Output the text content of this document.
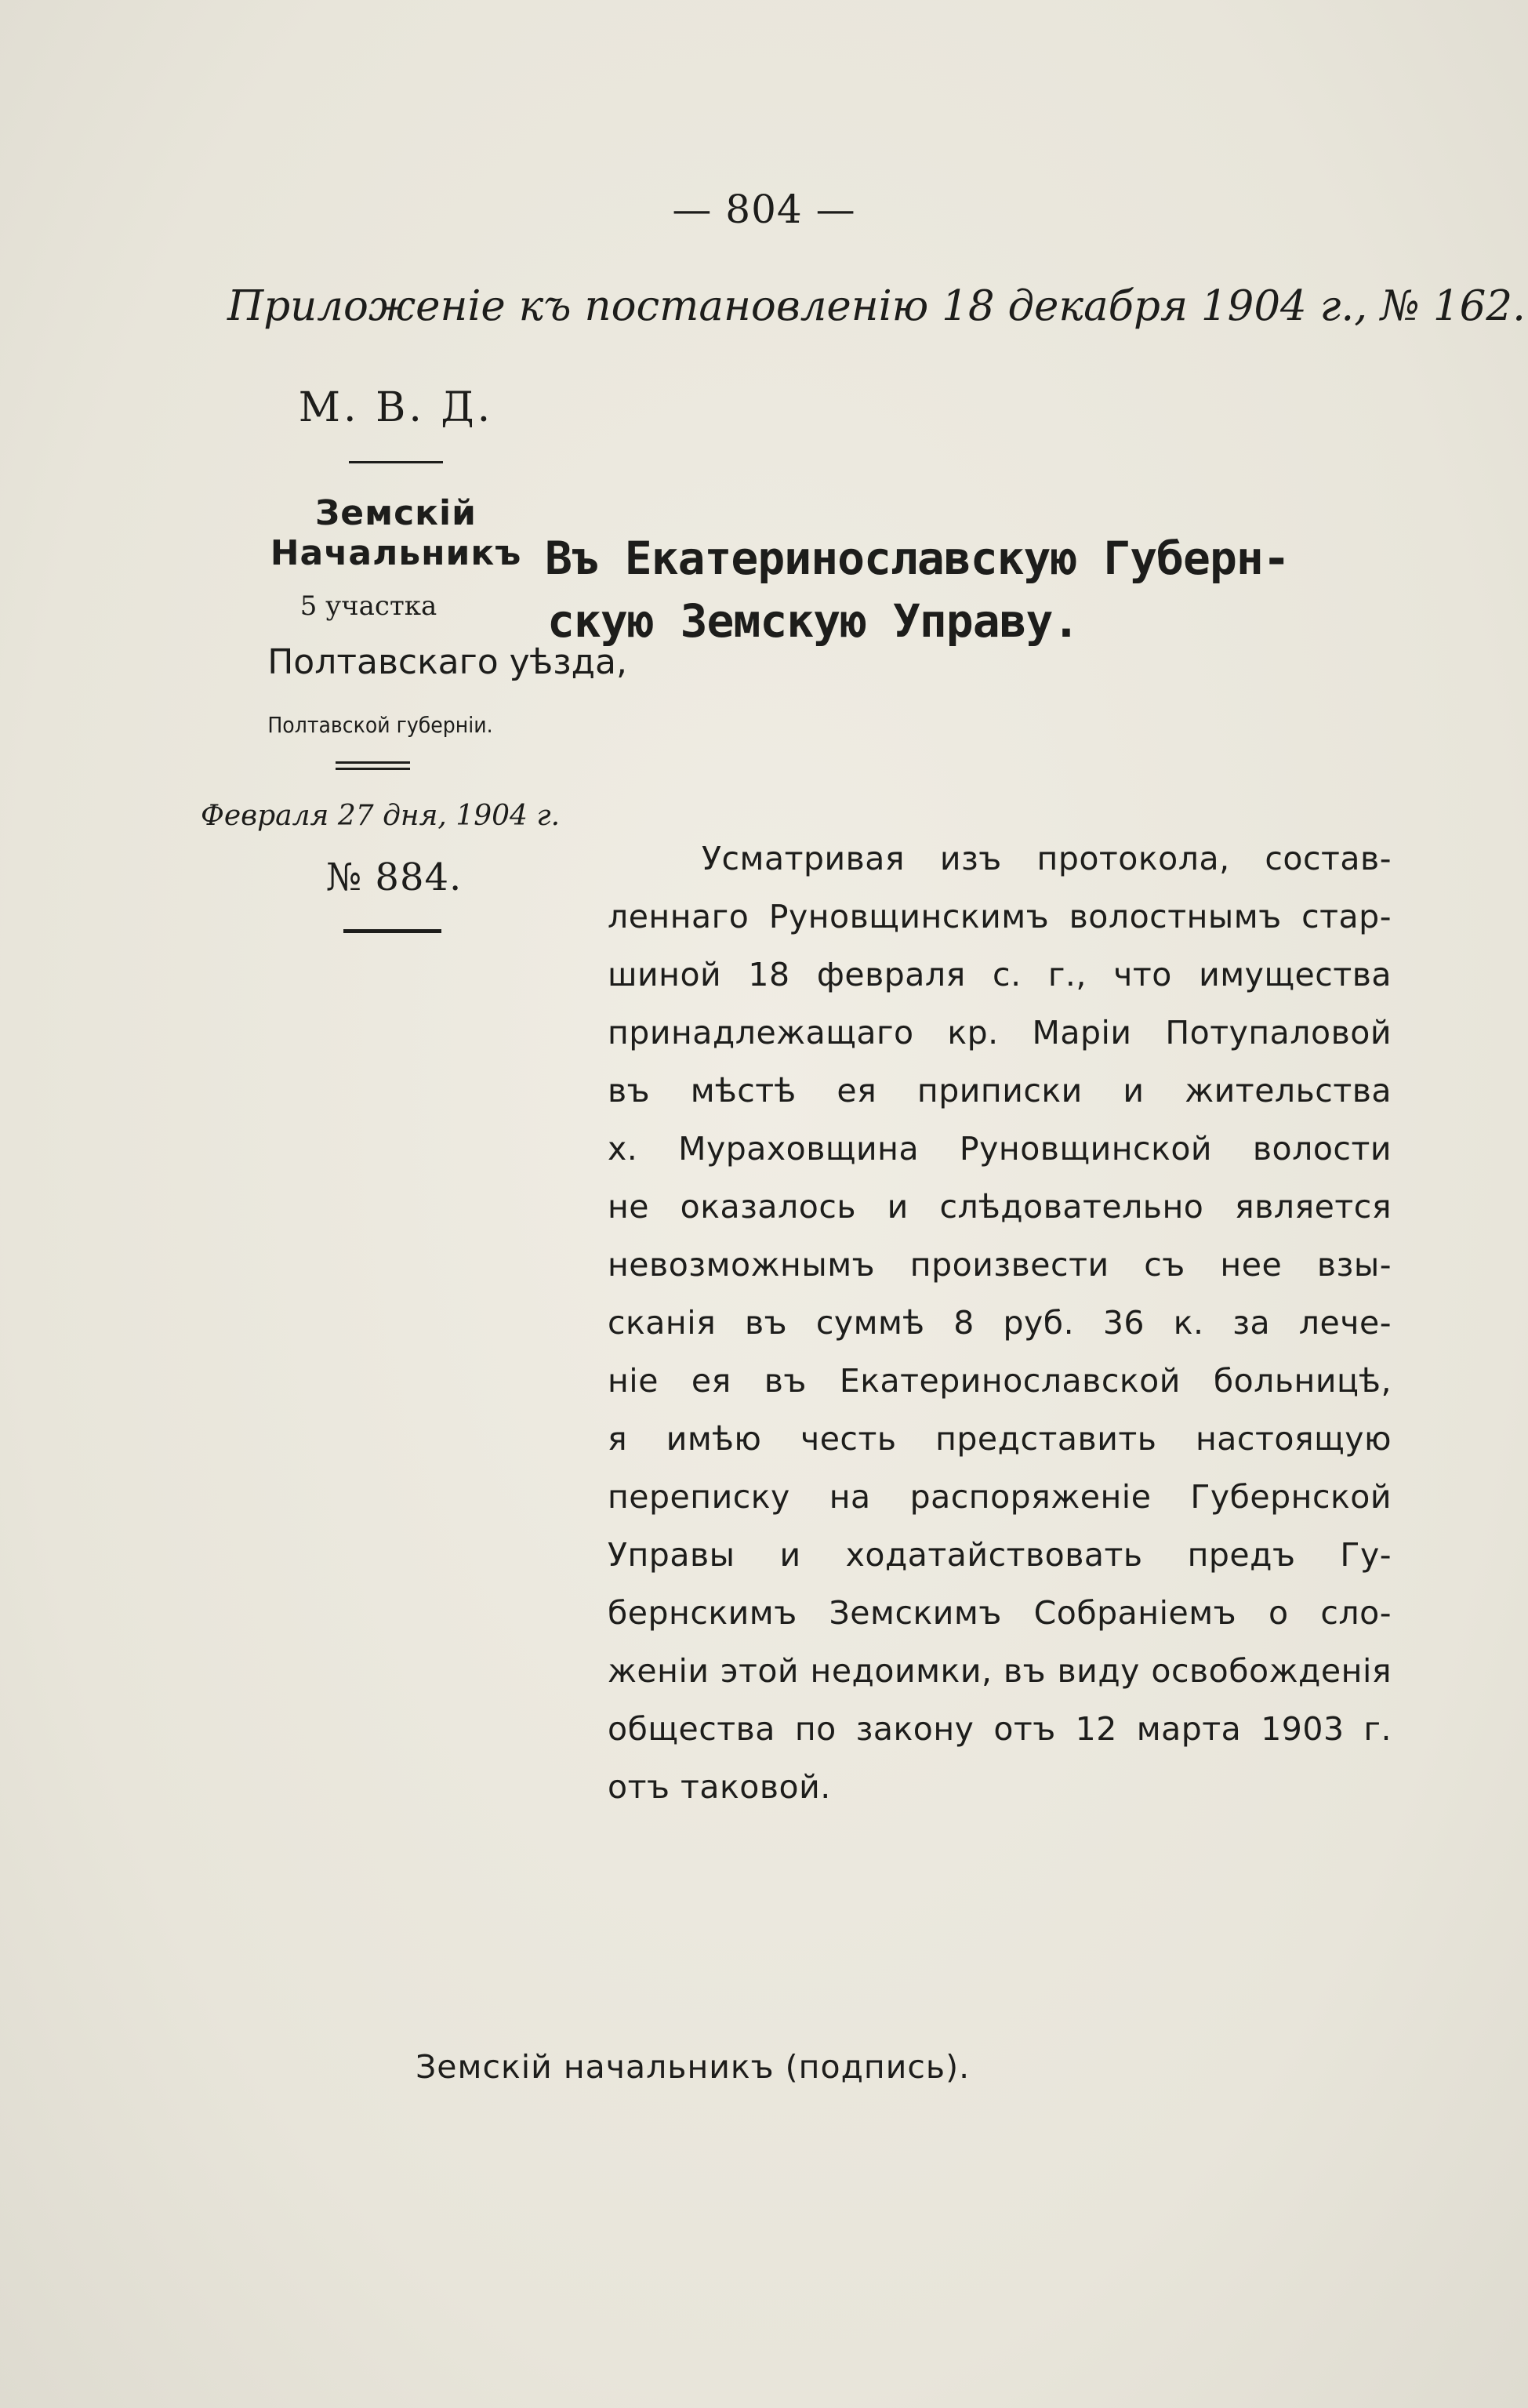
— 804 —
Приложеніе къ постановленію 18 декабря 1904 г., № 162.
М. В. Д.
Земскій Начальникъ
5 участка
Полтавскаго уѣзда,
Полтавской губерніи.
Февраля 27 дня, 1904 г.
№ 884.
Въ Екатеринославскую Губерн-
скую Земскую Управу.
Усматривая изъ протокола, состав-
леннаго Руновщинскимъ волостнымъ стар-
шиной 18 февраля с. г., что имущества
принадлежащаго кр. Маріи Потупаловой
въ мѣстѣ ея приписки и жительства
х. Мураховщина Руновщинской волости
не оказалось и слѣдовательно является
невозможнымъ произвести съ нее взы-
сканія въ суммѣ 8 руб. 36 к. за лече-
ніе ея въ Екатеринославской больницѣ,
я имѣю честь представить настоящую
переписку на распоряженіе Губернской
Управы и ходатайствовать предъ Гу-
бернскимъ Земскимъ Собраніемъ о сло-
женіи этой недоимки, въ виду освобожденія
общества по закону отъ 12 марта 1903 г.
отъ таковой.
Земскій начальникъ (подпись).
